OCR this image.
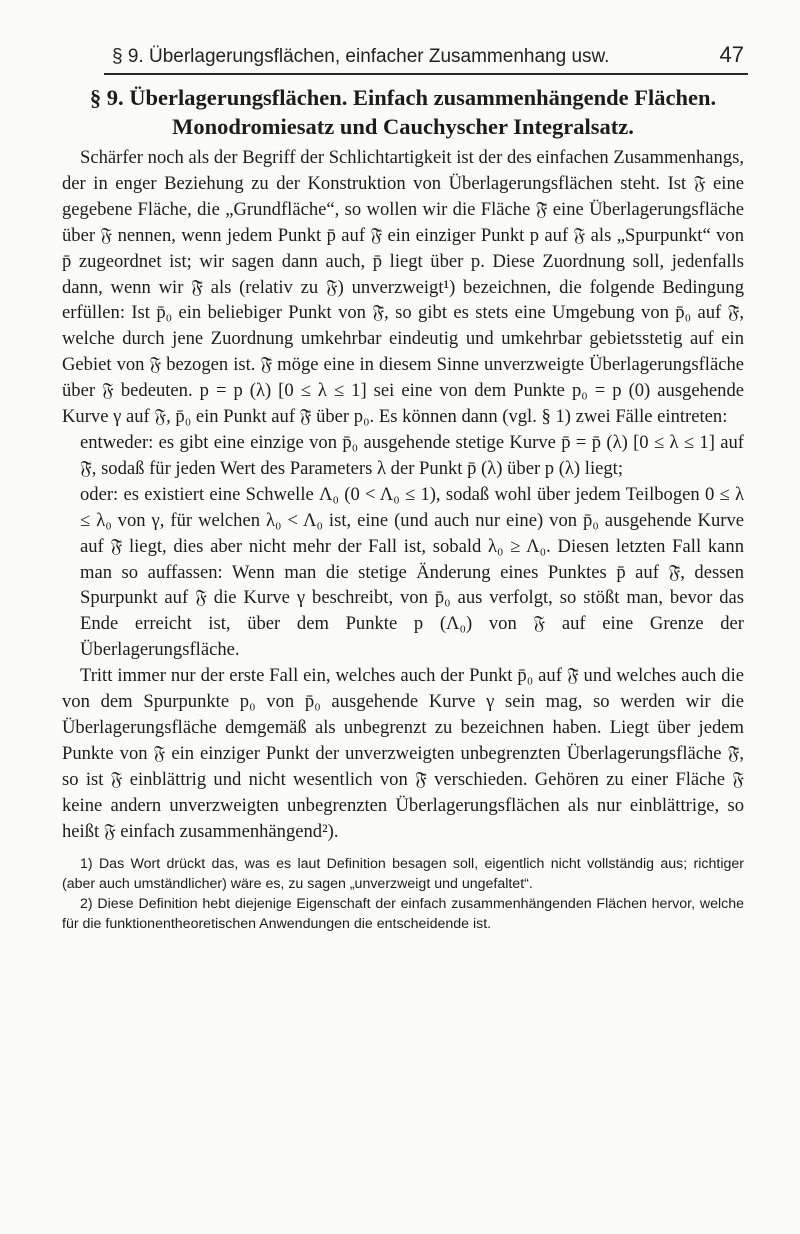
§ 9. Überlagerungsflächen, einfacher Zusammenhang usw.	47
§ 9. Überlagerungsflächen. Einfach zusammenhängende Flächen. Monodromiesatz und Cauchyscher Integralsatz.

Schärfer noch als der Begriff der Schlichtartigkeit ist der des einfachen Zusammenhangs, der in enger Beziehung zu der Konstruktion von Überlagerungsflächen steht. Ist 𝔉 eine gegebene Fläche, die „Grundfläche“, so wollen wir die Fläche 𝔉̄ eine Überlagerungsfläche über 𝔉 nennen, wenn jedem Punkt p̄ auf 𝔉̄ ein einziger Punkt p auf 𝔉 als „Spurpunkt“ von p̄ zugeordnet ist; wir sagen dann auch, p̄ liegt über p. Diese Zuordnung soll, jedenfalls dann, wenn wir 𝔉̄ als (relativ zu 𝔉) unverzweigt¹) bezeichnen, die folgende Bedingung erfüllen: Ist p̄₀ ein beliebiger Punkt von 𝔉̄, so gibt es stets eine Umgebung von p̄₀ auf 𝔉̄, welche durch jene Zuordnung umkehrbar eindeutig und umkehrbar gebietsstetig auf ein Gebiet von 𝔉 bezogen ist. 𝔉̄ möge eine in diesem Sinne unverzweigte Überlagerungsfläche über 𝔉 bedeuten. p = p (λ) [0 ≤ λ ≤ 1] sei eine von dem Punkte p₀ = p (0) ausgehende Kurve γ auf 𝔉, p̄₀ ein Punkt auf 𝔉̄ über p₀. Es können dann (vgl. § 1) zwei Fälle eintreten:

entweder: es gibt eine einzige von p̄₀ ausgehende stetige Kurve p̄ = p̄ (λ) [0 ≤ λ ≤ 1] auf 𝔉̄, sodaß für jeden Wert des Parameters λ der Punkt p̄ (λ) über p (λ) liegt;

oder: es existiert eine Schwelle Λ₀ (0 < Λ₀ ≤ 1), sodaß wohl über jedem Teilbogen 0 ≤ λ ≤ λ₀ von γ, für welchen λ₀ < Λ₀ ist, eine (und auch nur eine) von p̄₀ ausgehende Kurve auf 𝔉̄ liegt, dies aber nicht mehr der Fall ist, sobald λ₀ ≥ Λ₀. Diesen letzten Fall kann man so auffassen: Wenn man die stetige Änderung eines Punktes p̄ auf 𝔉̄, dessen Spurpunkt auf 𝔉 die Kurve γ beschreibt, von p̄₀ aus verfolgt, so stößt man, bevor das Ende erreicht ist, über dem Punkte p (Λ₀) von 𝔉 auf eine Grenze der Überlagerungsfläche.

Tritt immer nur der erste Fall ein, welches auch der Punkt p̄₀ auf 𝔉̄ und welches auch die von dem Spurpunkte p₀ von p̄₀ ausgehende Kurve γ sein mag, so werden wir die Überlagerungsfläche demgemäß als unbegrenzt zu bezeichnen haben. Liegt über jedem Punkte von 𝔉 ein einziger Punkt der unverzweigten unbegrenzten Überlagerungsfläche 𝔉̄, so ist 𝔉 einblättrig und nicht wesentlich von 𝔉̄ verschieden. Gehören zu einer Fläche 𝔉 keine andern unverzweigten unbegrenzten Überlagerungsflächen als nur einblättrige, so heißt 𝔉 einfach zusammenhängend²).

1) Das Wort drückt das, was es laut Definition besagen soll, eigentlich nicht vollständig aus; richtiger (aber auch umständlicher) wäre es, zu sagen „unverzweigt und ungefaltet“.

2) Diese Definition hebt diejenige Eigenschaft der einfach zusammenhängenden Flächen hervor, welche für die funktionentheoretischen Anwendungen die entscheidende ist.
